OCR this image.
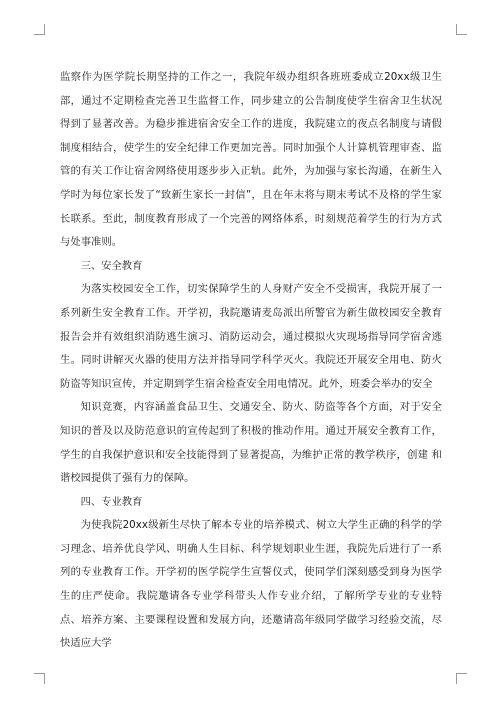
监察作为医学院长期坚持的工作之一，我院年级办组织各班班委成立20xx级卫生部，通过不定期检查完善卫生监督工作，同步建立的公告制度使学生宿舍卫生状况得到了显著改善。为稳步推进宿舍安全工作的进度，我院建立的夜点名制度与请假制度相结合，使学生的安全纪律工作更加完善。同时加强个人计算机管理审查、监管的有关工作让宿舍网络使用逐步步入正轨。此外，为加强与家长沟通，在新生入学时为每位家长发了“致新生家长一封信”，且在年末将与期末考试不及格的学生家长联系。至此，制度教育形成了一个完善的网络体系，时刻规范着学生的行为方式与处事准则。

三、安全教育

为落实校园安全工作，切实保障学生的人身财产安全不受损害，我院开展了一系列新生安全教育工作。开学初，我院邀请麦岛派出所警官为新生做校园安全教育报告会并有效组织消防逃生演习、消防运动会，通过模拟火灾现场指导同学宿舍逃生。同时讲解灭火器的使用方法并指导同学科学灭火。我院还开展安全用电、防火防盗等知识宣传，并定期到学生宿舍检查安全用电情况。此外，班委会举办的安全

知识竞赛，内容涵盖食品卫生、交通安全、防火、防盗等各个方面，对于安全知识的普及以及防范意识的宣传起到了积极的推动作用。通过开展安全教育工作，学生的自我保护意识和安全技能得到了显著提高，为维护正常的教学秩序，创建 和谐校园提供了强有力的保障。

四、专业教育

为使我院20xx级新生尽快了解本专业的培养模式、树立大学生正确的科学的学习理念、培养优良学风、明确人生目标、科学规划职业生涯，我院先后进行了一系列的专业教育工作。开学初的医学院学生宣誓仪式，使同学们深刻感受到身为医学生的庄严使命。我院邀请各专业学科带头人作专业介绍，了解所学专业的专业特点、培养方案、主要课程设置和发展方向，还邀请高年级同学做学习经验交流，尽快适应大学
